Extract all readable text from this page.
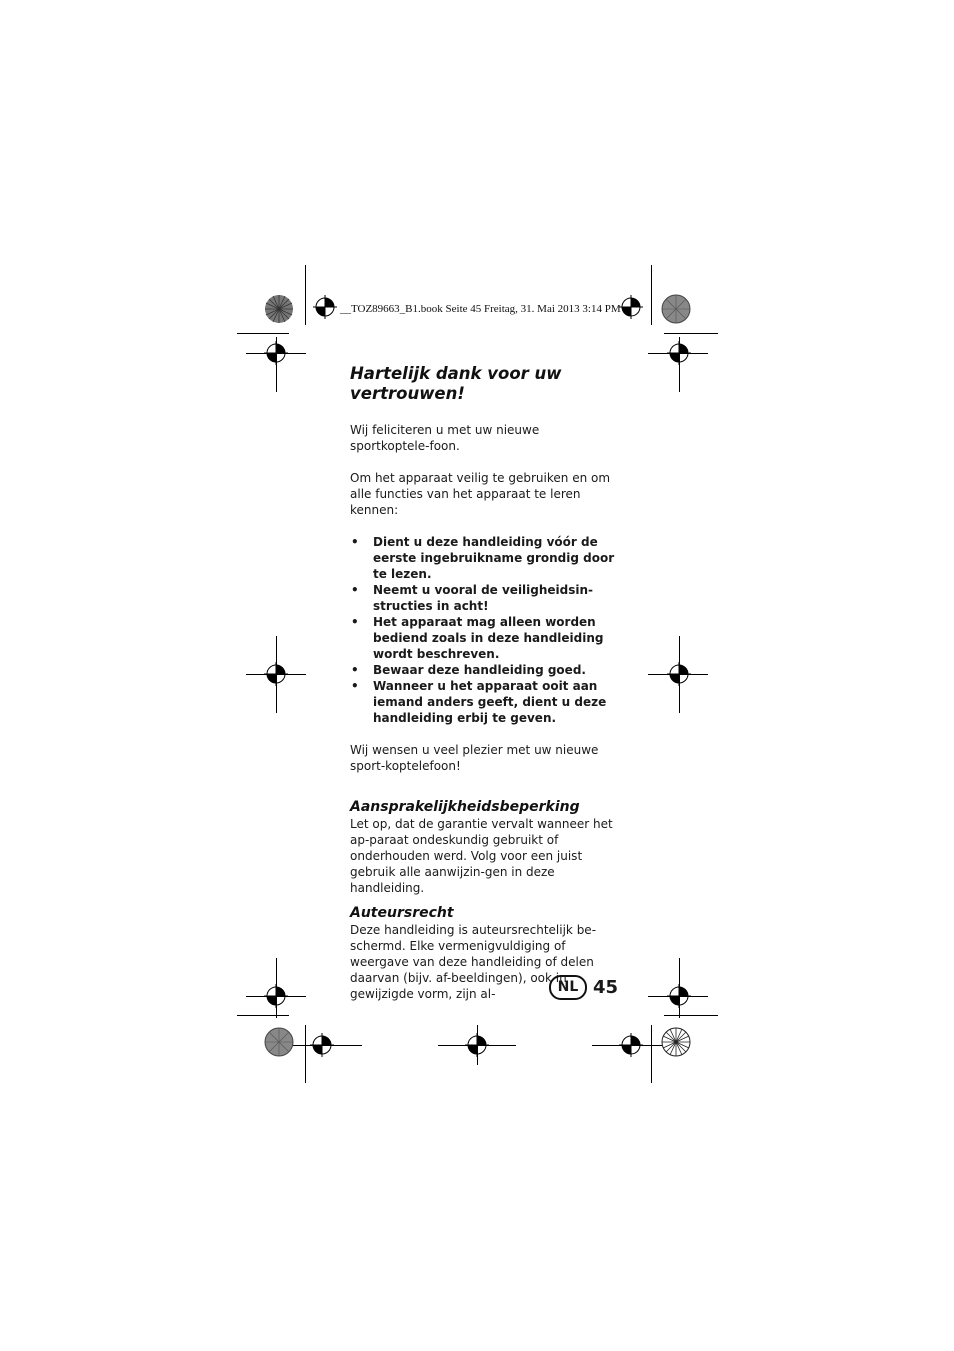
__TOZ89663_B1.book Seite 45 Freitag, 31. Mai 2013 3:14 PM
Hartelijk dank voor uw vertrouwen!

Wij feliciteren u met uw nieuwe sportkoptele-foon.

Om het apparaat veilig te gebruiken en om alle functies van het apparaat te leren kennen:

• Dient u deze handleiding vóór de eerste ingebruikname grondig door te lezen.
• Neemt u vooral de veiligheidsin-structies in acht!
• Het apparaat mag alleen worden bediend zoals in deze handleiding wordt beschreven.
• Bewaar deze handleiding goed.
• Wanneer u het apparaat ooit aan iemand anders geeft, dient u deze handleiding erbij te geven.

Wij wensen u veel plezier met uw nieuwe sport-koptelefoon!

Aansprakelijkheidsbeperking

Let op, dat de garantie vervalt wanneer het ap-paraat ondeskundig gebruikt of onderhouden werd. Volg voor een juist gebruik alle aanwijzin-gen in deze handleiding.

Auteursrecht

Deze handleiding is auteursrechtelijk be-schermd. Elke vermenigvuldiging of weergave van deze handleiding of delen daarvan (bijv. af-beeldingen), ook in gewijzigde vorm, zijn al-	NL 45
